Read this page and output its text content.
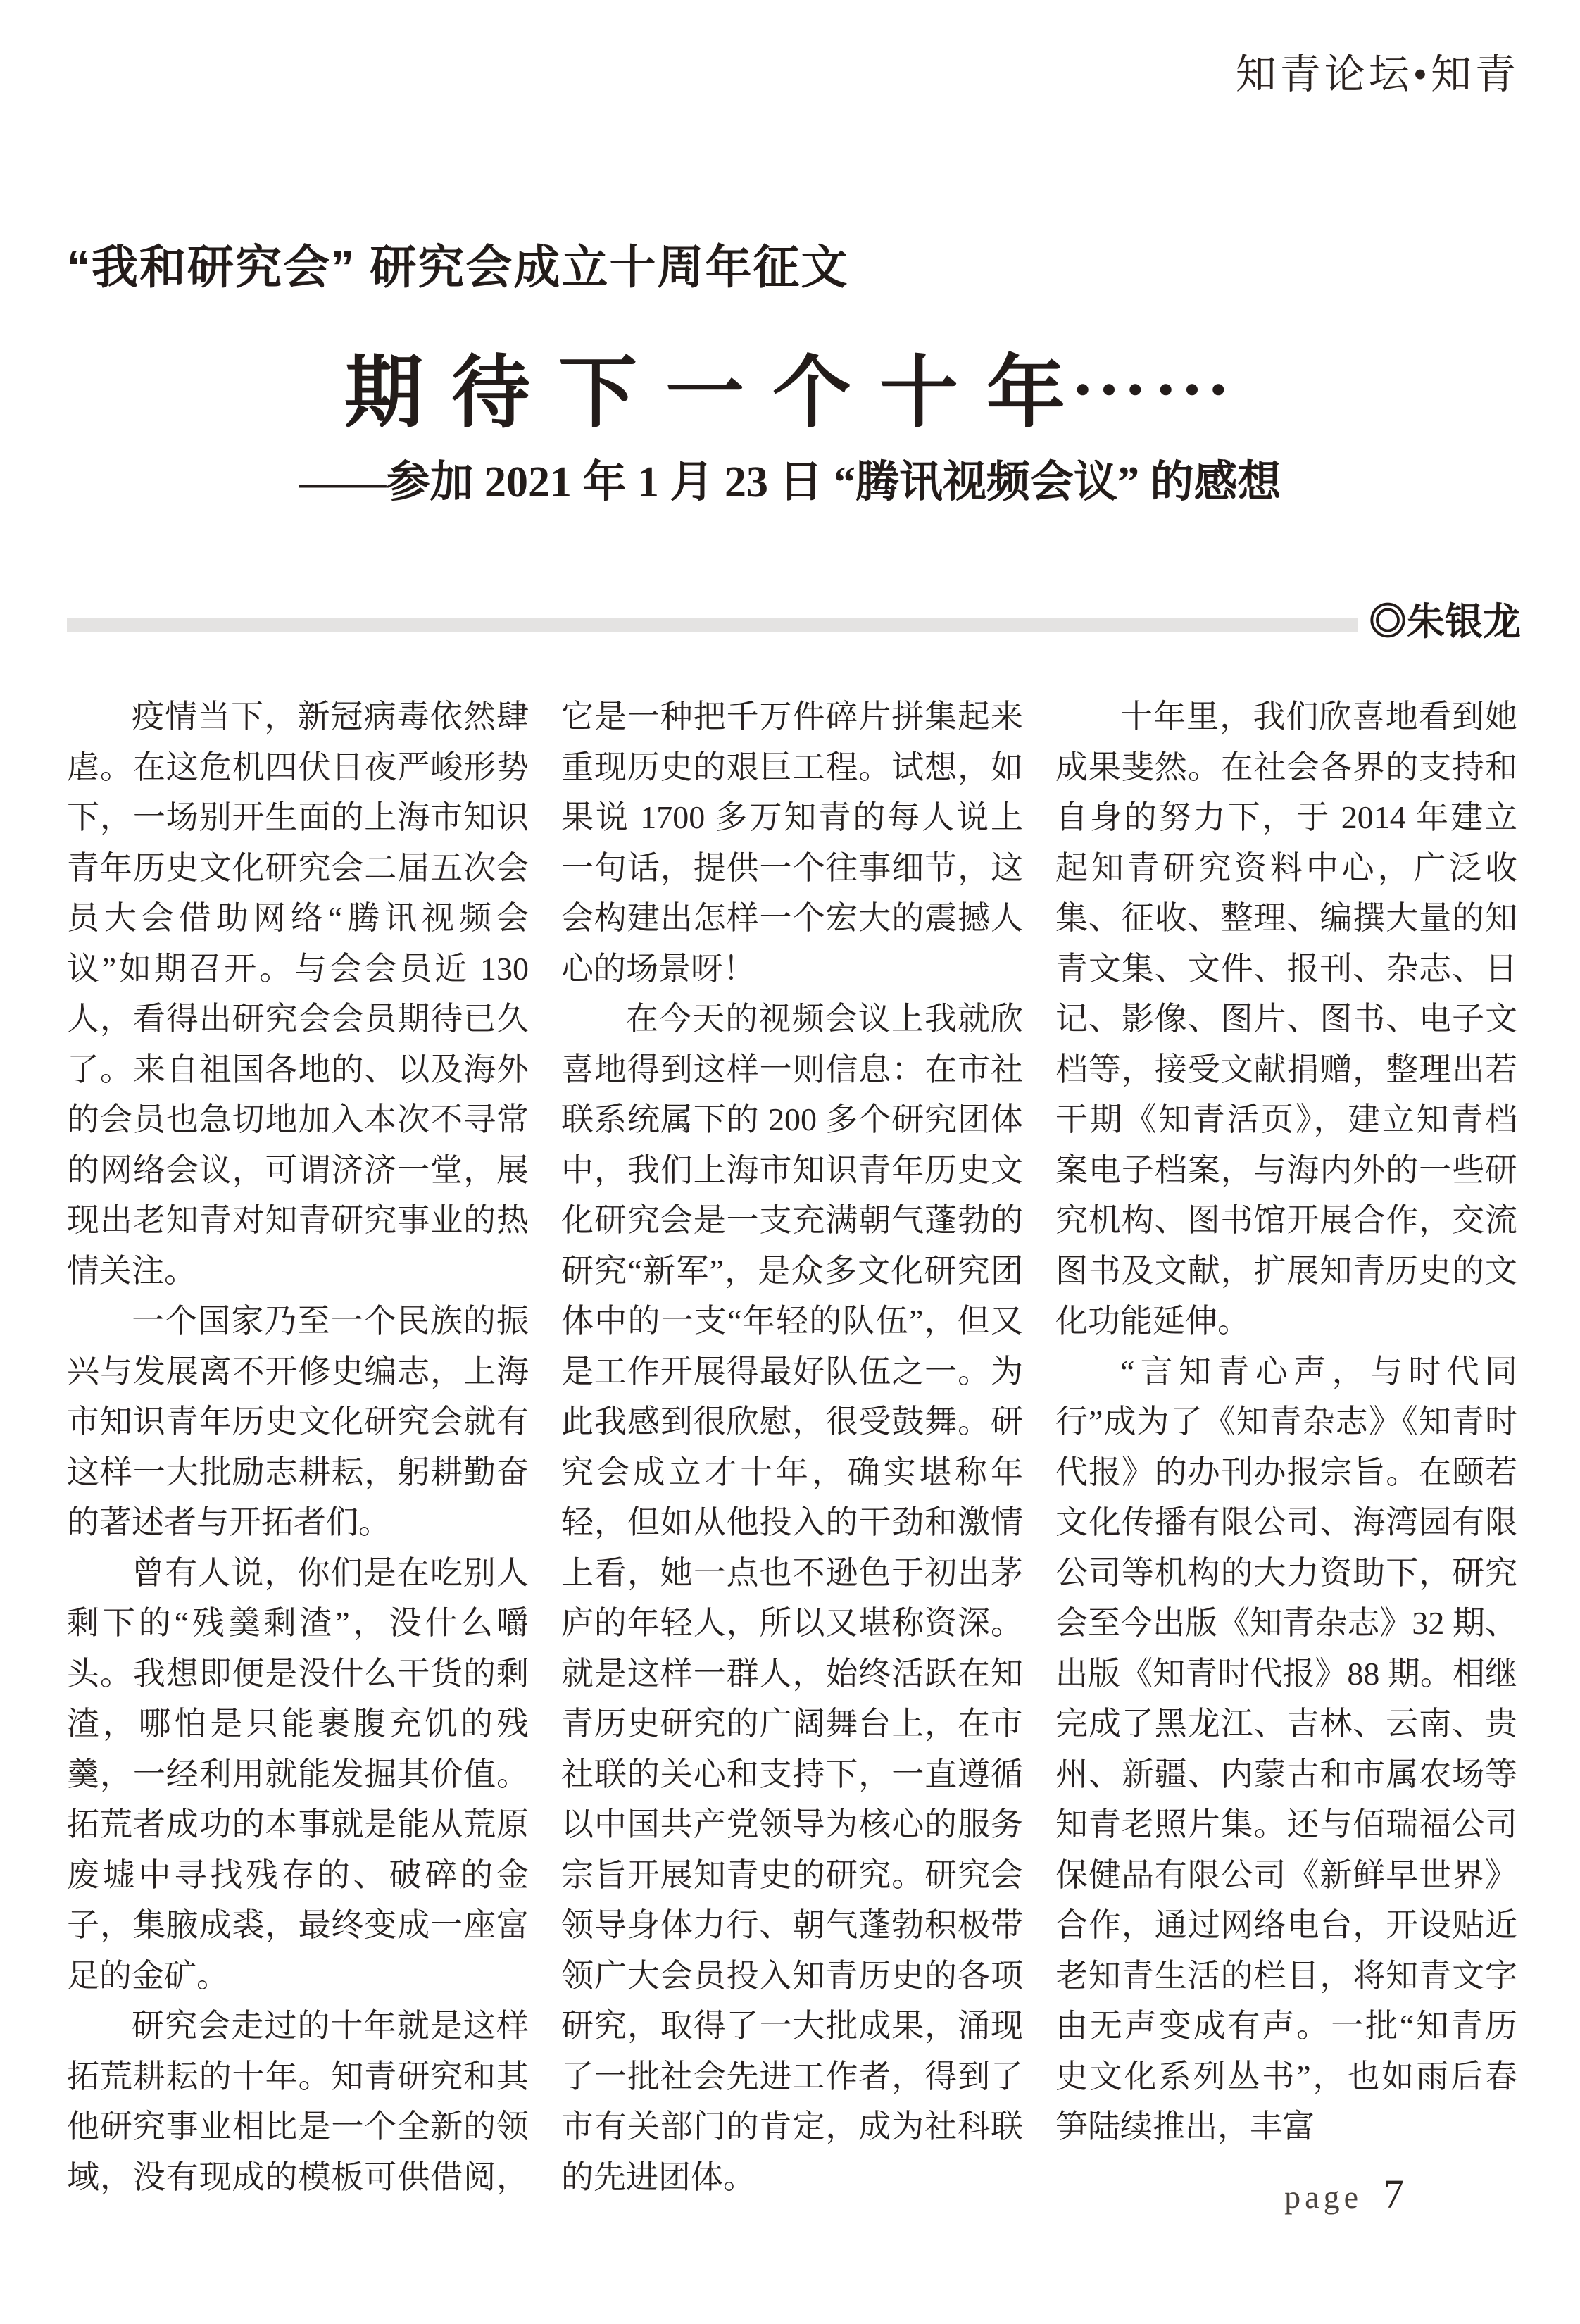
知青论坛•知青
“我和研究会” 研究会成立十周年征文
期 待 下 一 个 十 年⋯⋯
——参加 2021 年 1 月 23 日 “腾讯视频会议” 的感想
◎朱银龙

疫情当下，新冠病毒依然肆虐。在这危机四伏日夜严峻形势下，一场别开生面的上海市知识青年历史文化研究会二届五次会员大会借助网络“腾讯视频会议”如期召开。与会会员近 130 人，看得出研究会会员期待已久了。来自祖国各地的、以及海外的会员也急切地加入本次不寻常的网络会议，可谓济济一堂，展现出老知青对知青研究事业的热情关注。

一个国家乃至一个民族的振兴与发展离不开修史编志，上海市知识青年历史文化研究会就有这样一大批励志耕耘，躬耕勤奋的著述者与开拓者们。

曾有人说，你们是在吃别人剩下的“残羹剩渣”，没什么嚼头。我想即便是没什么干货的剩渣，哪怕是只能裹腹充饥的残羹，一经利用就能发掘其价值。拓荒者成功的本事就是能从荒原废墟中寻找残存的、破碎的金子，集腋成裘，最终变成一座富足的金矿。

研究会走过的十年就是这样拓荒耕耘的十年。知青研究和其他研究事业相比是一个全新的领域，没有现成的模板可供借阅，它是一种把千万件碎片拼集起来重现历史的艰巨工程。试想，如果说 1700 多万知青的每人说上一句话，提供一个往事细节，这会构建出怎样一个宏大的震撼人心的场景呀！

在今天的视频会议上我就欣喜地得到这样一则信息：在市社联系统属下的 200 多个研究团体中，我们上海市知识青年历史文化研究会是一支充满朝气蓬勃的研究“新军”，是众多文化研究团体中的一支“年轻的队伍”，但又是工作开展得最好队伍之一。为此我感到很欣慰，很受鼓舞。研究会成立才十年，确实堪称年轻，但如从他投入的干劲和激情上看，她一点也不逊色于初出茅庐的年轻人，所以又堪称资深。就是这样一群人，始终活跃在知青历史研究的广阔舞台上，在市社联的关心和支持下，一直遵循以中国共产党领导为核心的服务宗旨开展知青史的研究。研究会领导身体力行、朝气蓬勃积极带领广大会员投入知青历史的各项研究，取得了一大批成果，涌现了一批社会先进工作者，得到了市有关部门的肯定，成为社科联的先进团体。

十年里，我们欣喜地看到她成果斐然。在社会各界的支持和自身的努力下，于 2014 年建立起知青研究资料中心，广泛收集、征收、整理、编撰大量的知青文集、文件、报刊、杂志、日记、影像、图片、图书、电子文档等，接受文献捐赠，整理出若干期《知青活页》，建立知青档案电子档案，与海内外的一些研究机构、图书馆开展合作，交流图书及文献，扩展知青历史的文化功能延伸。

“言知青心声，与时代同行”成为了《知青杂志》《知青时代报》的办刊办报宗旨。在颐若文化传播有限公司、海湾园有限公司等机构的大力资助下，研究会至今出版《知青杂志》32 期、出版《知青时代报》88 期。相继完成了黑龙江、吉林、云南、贵州、新疆、内蒙古和市属农场等知青老照片集。还与佰瑞福公司保健品有限公司《新鲜早世界》合作，通过网络电台，开设贴近老知青生活的栏目，将知青文字由无声变成有声。一批“知青历史文化系列丛书”，也如雨后春笋陆续推出，丰富

page 7
